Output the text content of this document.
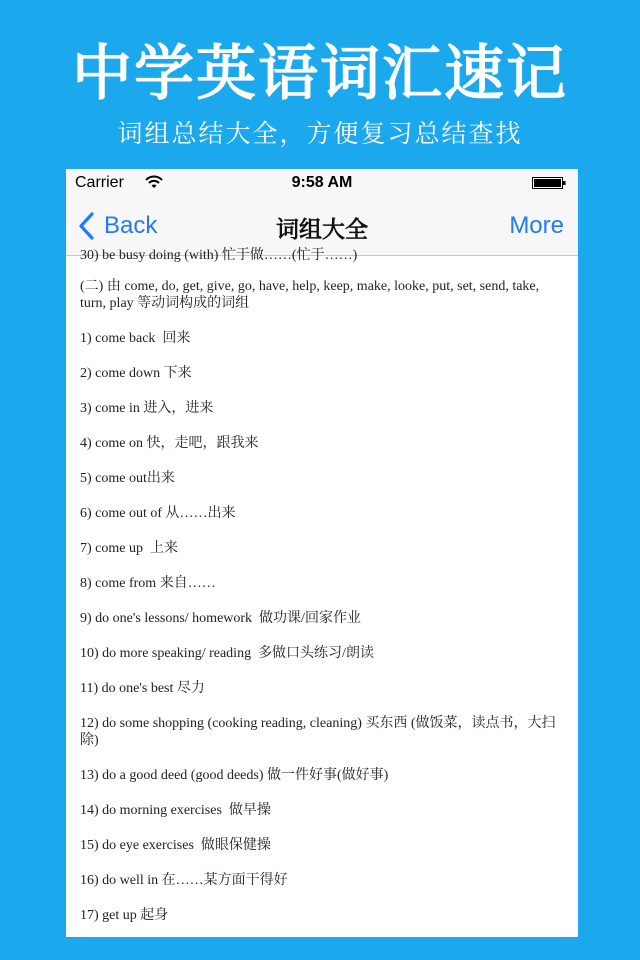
中学英语词汇速记
词组总结大全，方便复习总结查找
Carrier	9:58 AM
Back	词组大全	More
30) be busy doing (with) 忙于做……(忙于……)
(二) 由 come, do, get, give, go, have, help, keep, make, looke, put, set, send, take, turn, play 等动词构成的词组
1) come back  回来
2) come down 下来
3) come in 进入，进来
4) come on 快，走吧，跟我来
5) come out出来
6) come out of 从……出来
7) come up  上来
8) come from 来自……
9) do one's lessons/ homework  做功课/回家作业
10) do more speaking/ reading  多做口头练习/朗读
11) do one's best 尽力
12) do some shopping (cooking reading, cleaning) 买东西 (做饭菜，读点书，大扫除)
13) do a good deed (good deeds) 做一件好事(做好事)
14) do morning exercises  做早操
15) do eye exercises  做眼保健操
16) do well in 在……某方面干得好
17) get up 起身
